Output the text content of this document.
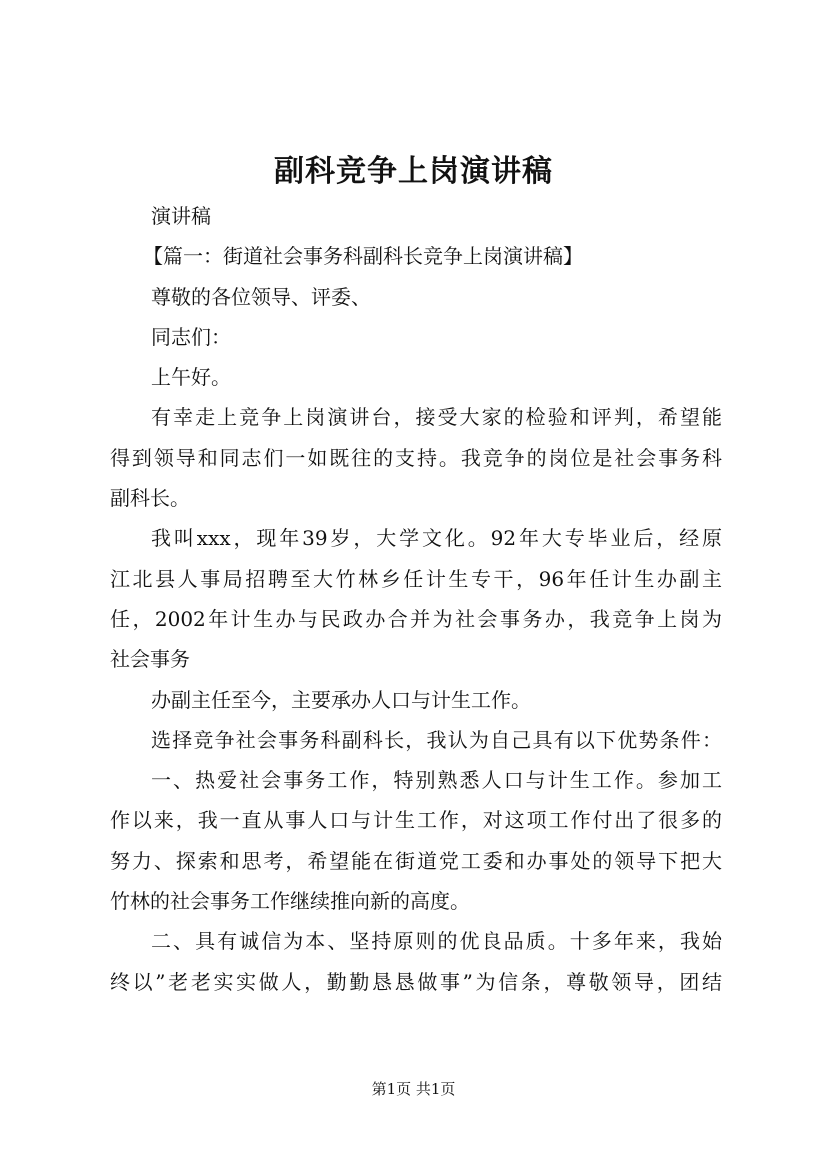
副科竞争上岗演讲稿
演讲稿
【篇一：街道社会事务科副科长竞争上岗演讲稿】
尊敬的各位领导、评委、
同志们：
上午好。
有幸走上竞争上岗演讲台，接受大家的检验和评判，希望能
得到领导和同志们一如既往的支持。我竞争的岗位是社会事务科
副科长。
我叫xxx，现年39岁，大学文化。92年大专毕业后，经原
江北县人事局招聘至大竹林乡任计生专干，96年任计生办副主
任，2002年计生办与民政办合并为社会事务办，我竞争上岗为
社会事务
办副主任至今，主要承办人口与计生工作。
选择竞争社会事务科副科长，我认为自己具有以下优势条件：
一、热爱社会事务工作，特别熟悉人口与计生工作。参加工
作以来，我一直从事人口与计生工作，对这项工作付出了很多的
努力、探索和思考，希望能在街道党工委和办事处的领导下把大
竹林的社会事务工作继续推向新的高度。
二、具有诚信为本、坚持原则的优良品质。十多年来，我始
终以”老老实实做人，勤勤恳恳做事”为信条，尊敬领导，团结
第1页 共1页
